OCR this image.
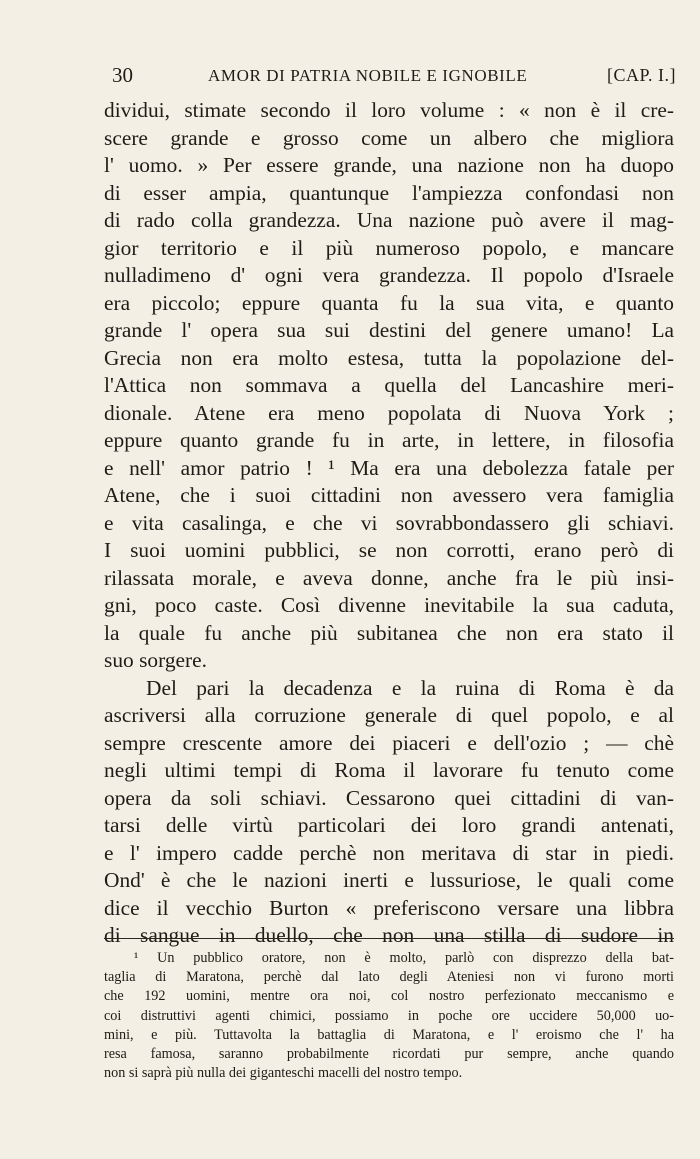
30	AMOR DI PATRIA NOBILE E IGNOBILE	[CAP. I.]
dividui, stimate secondo il loro volume : « non è il cre-
scere grande e grosso come un albero che migliora
l' uomo. » Per essere grande, una nazione non ha duopo
di esser ampia, quantunque l'ampiezza confondasi non
di rado colla grandezza. Una nazione può avere il mag-
gior territorio e il più numeroso popolo, e mancare
nulladimeno d' ogni vera grandezza. Il popolo d'Israele
era piccolo; eppure quanta fu la sua vita, e quanto
grande l' opera sua sui destini del genere umano! La
Grecia non era molto estesa, tutta la popolazione del-
l'Attica non sommava a quella del Lancashire meri-
dionale. Atene era meno popolata di Nuova York ;
eppure quanto grande fu in arte, in lettere, in filosofia
e nell' amor patrio ! ¹ Ma era una debolezza fatale per
Atene, che i suoi cittadini non avessero vera famiglia
e vita casalinga, e che vi sovrabbondassero gli schiavi.
I suoi uomini pubblici, se non corrotti, erano però di
rilassata morale, e aveva donne, anche fra le più insi-
gni, poco caste. Così divenne inevitabile la sua caduta,
la quale fu anche più subitanea che non era stato il
suo sorgere.
Del pari la decadenza e la ruina di Roma è da
ascriversi alla corruzione generale di quel popolo, e al
sempre crescente amore dei piaceri e dell'ozio ; — chè
negli ultimi tempi di Roma il lavorare fu tenuto come
opera da soli schiavi. Cessarono quei cittadini di van-
tarsi delle virtù particolari dei loro grandi antenati,
e l' impero cadde perchè non meritava di star in piedi.
Ond' è che le nazioni inerti e lussuriose, le quali come
dice il vecchio Burton « preferiscono versare una libbra
di sangue in duello, che non una stilla di sudore in
¹ Un pubblico oratore, non è molto, parlò con disprezzo della bat-
taglia di Maratona, perchè dal lato degli Ateniesi non vi furono morti
che 192 uomini, mentre ora noi, col nostro perfezionato meccanismo e
coi distruttivi agenti chimici, possiamo in poche ore uccidere 50,000 uo-
mini, e più. Tuttavolta la battaglia di Maratona, e l' eroismo che l' ha
resa famosa, saranno probabilmente ricordati pur sempre, anche quando
non si saprà più nulla dei giganteschi macelli del nostro tempo.
